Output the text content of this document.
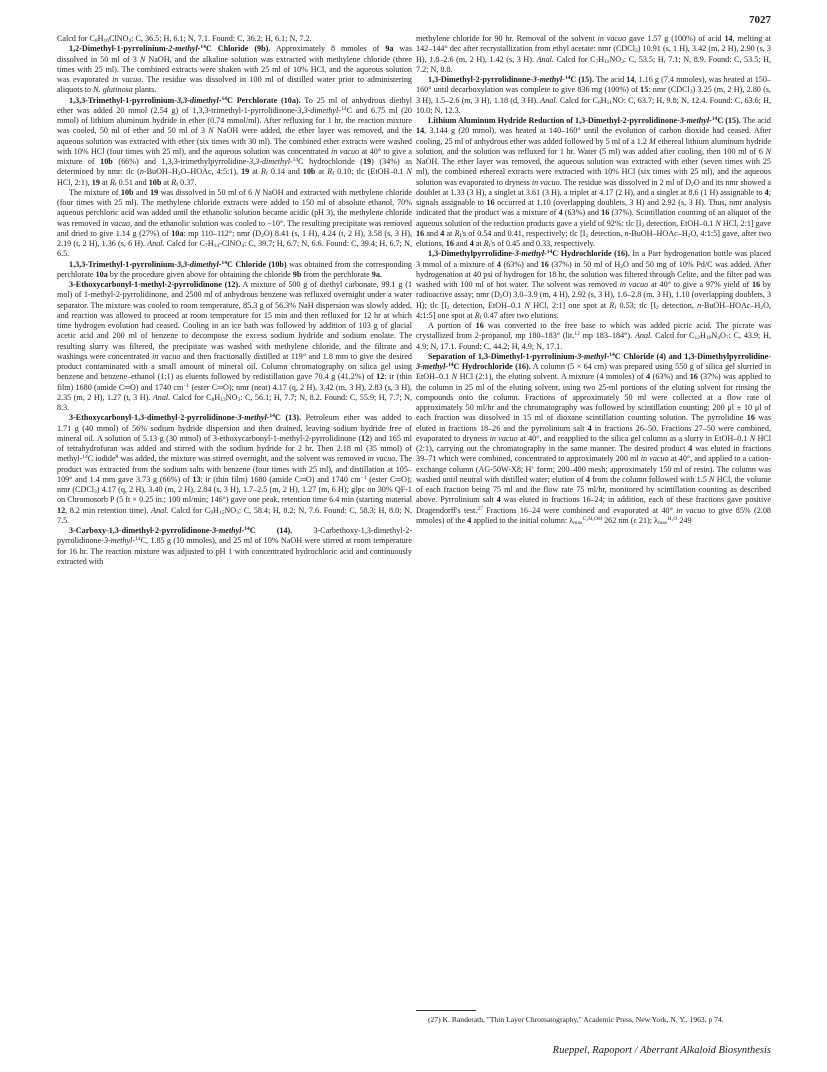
7027

Calcd for $C_8H_{16}ClNO_4$: C, 36.5; H, 6.1; N, 7.1. Found: C, 36.2; H, 6.1; N, 7.2.

1,2-Dimethyl-1-pyrrolinium-2-methyl-$^{14}$C Chloride (9b). Approximately 8 mmoles of 9a was dissolved in 50 ml of 3 N NaOH, and the alkaline solution was extracted with methylene chloride (three times with 25 ml). The combined extracts were shaken with 25 ml of 10% HCl, and the aqueous solution was evaporated in vacuo. The residue was dissolved in 100 ml of distilled water prior to administering aliquots to N. glutinosa plants.

1,3,3-Trimethyl-1-pyrrolinium-3,3-dimethyl-$^{14}$C Perchlorate (10a). To 25 ml of anhydrous diethyl ether was added 20 mmol (2.54 g) of 1,3,3-trimethyl-1-pyrrolidinone-3,3-dimethyl-$^{14}$C and 6.75 ml (20 mmol) of lithium aluminum hydride in ether (0.74 mmol/ml). After refluxing for 1 hr, the reaction mixture was cooled, 50 ml of ether and 50 ml of 3 N NaOH were added, the ether layer was removed, and the aqueous solution was extracted with ether (six times with 30 ml). The combined ether extracts were washed with 10% HCl (four times with 25 ml), and the aqueous solution was concentrated in vacuo at 40° to give a mixture of 10b (66%) and 1,3,3-trimethylpyrrolidine-3,3-dimethyl-$^{14}$C hydrochloride (19) (34%) as determined by nmr: tlc ($n-BuOH-H_2O$–HOAc, 4:5:1), 19 at $R_f$ 0.14 and 10b at $R_f$ 0.10; tlc (EtOH–0.1 N HCl, 2:1), 19 at $R_f$ 0.51 and 10b at $R_f$ 0.37.

The mixture of 10b and 19 was dissolved in 50 ml of 6 N NaOH and extracted with methylene chloride (four times with 25 ml). The methylene chloride extracts were added to 150 ml of absolute ethanol, 70% aqueous perchloric acid was added until the ethanolic solution became acidic (pH 3), the methylene chloride was removed in vacuo, and the ethanolic solution was cooled to −10°. The resulting precipitate was removed and dried to give 1.14 g (27%) of 10a: mp 110–112°; nmr $(D_2O)$ 8.41 (s, 1 H), 4.24 (t, 2 H), 3.58 (s, 3 H), 2.19 (t, 2 H), 1.36 (s, 6 H). Anal. Calcd for $C_7H_{14}-ClNO_4$: C, 39.7; H, 6.7; N, 6.6. Found: C, 39.4; H, 6.7; N, 6.5.

1,3,3-Trimethyl-1-pyrrolinium-3,3-dimethyl-$^{14}$C Chloride (10b) was obtained from the corresponding perchlorate 10a by the procedure given above for obtaining the chloride 9b from the perchlorate 9a.

3-Ethoxycarbonyl-1-methyl-2-pyrrolidinone (12). A mixture of 500 g of diethyl carbonate, 99.1 g (1 mol) of 1-methyl-2-pyrrolidinone, and 2500 ml of anhydrous benzene was refluxed overnight under a water separator. The mixture was cooled to room temperature, 85.3 g of 56.3% NaH dispersion was slowly added, and reaction was allowed to proceed at room temperature for 15 min and then refluxed for 12 hr at which time hydrogen evolution had ceased. Cooling in an ice bath was followed by addition of 103 g of glacial acetic acid and 200 ml of benzene to decompose the excess sodium hydride and sodium enolate. The resulting slurry was filtered, the precipitate was washed with methylene chloride, and the filtrate and washings were concentrated in vacuo and then fractionally distilled at 119° and 1.8 mm to give the desired product contaminated with a small amount of mineral oil. Column chromatography on silica gel using benzene and benzene–ethanol (1:1) as eluents followed by redistillation gave 70.4 g (41.2%) of 12: ir (thin film) 1680 (amide C═O) and 1740 $cm^{-1}$ (ester C═O); nmr (neat) 4.17 (q, 2 H), 3.42 (m, 3 H), 2.83 (s, 3 H), 2.35 (m, 2 H), 1.27 (t, 3 H). Anal. Calcd for $C_8H_{13}NO_3$: C, 56.1; H, 7.7; N, 8.2. Found: C, 55.9; H, 7.7; N, 8.3.

3-Ethoxycarbonyl-1,3-dimethyl-2-pyrrolidinone-3-methyl-$^{14}$C (13). Petroleum ether was added to 1.71 g (40 mmol) of 56% sodium hydride dispersion and then drained, leaving sodium hydride free of mineral oil. A solution of 5.13 g (30 mmol) of 3-ethoxycarbonyl-1-methyl-2-pyrrolidinone (12) and 165 ml of tetrahydrofuran was added and stirred with the sodium hydride for 2 hr. Then 2.18 ml (35 mmol) of methyl-$^{14}$C iodide$^8$ was added, the mixture was stirred overnight, and the solvent was removed in vacuo. The product was extracted from the sodium salts with benzene (four times with 25 ml), and distillation at 105–109° and 1.4 mm gave 3.73 g (66%) of 13: ir (thin film) 1680 (amide C═O) and 1740 $cm^{-1}$ (ester C═O); nmr (CDCl$_3$) 4.17 (q, 2 H), 3.40 (m, 2 H), 2.84 (s, 3 H), 1.7–2.5 (m, 2 H), 1.27 (m, 6 H); glpc on 30% QF-1 on Chromosorb P (5 ft × 0.25 in.; 100 ml/min; 146°) gave one peak, retention time 6.4 min (starting material 12, 8.2 min retention time). Anal. Calcd for $C_9H_{15}NO_3$: C, 58.4; H, 8.2; N, 7.6. Found: C, 58.3; H, 8.0; N, 7.5.

3-Carboxy-1,3-dimethyl-2-pyrrolidinone-3-methyl-$^{14}$C (14). 3-Carbethoxy-1,3-dimethyl-2-pyrrolidinone-3-methyl-$^{14}$C, 1.85 g (10 mmoles), and 25 ml of 10% NaOH were stirred at room temperature for 16 hr. The reaction mixture was adjusted to pH 1 with concentrated hydrochloric acid and continuously extracted with

methylene chloride for 90 hr. Removal of the solvent in vacuo gave 1.57 g (100%) of acid 14, melting at 142–144° dec after recrystallization from ethyl acetate: nmr (CDCl$_3$) 10.91 (s, 1 H), 3.42 (m, 2 H), 2.90 (s, 3 H), 1.8–2.6 (m, 2 H), 1.42 (s, 3 H). Anal. Calcd for $C_7H_{11}NO_3$: C, 53.5; H, 7.1; N, 8.9. Found: C, 53.5; H, 7.2; N, 8.8.

1,3-Dimethyl-2-pyrrolidinone-3-methyl-$^{14}$C (15). The acid 14, 1.16 g (7.4 mmoles), was heated at 150–160° until decarboxylation was complete to give 836 mg (100%) of 15: nmr (CDCl$_3$) 3.25 (m, 2 H), 2.80 (s, 3 H), 1.5–2.6 (m, 3 H), 1.18 (d, 3 H). Anal. Calcd for $C_6H_{11}NO$: C, 63.7; H, 9.8; N, 12.4. Found: C, 63.6; H, 10.0; N, 12.3.

Lithium Aluminum Hydride Reduction of 1,3-Dimethyl-2-pyrrolidinone-3-methyl-$^{14}$C (15). The acid 14, 3.144 g (20 mmol), was heated at 140–160° until the evolution of carbon dioxide had ceased. After cooling, 25 ml of anhydrous ether was added followed by 5 ml of a 1.2 M ethereal lithium aluminum hydride solution, and the solution was refluxed for 1 hr. Water (5 ml) was added after cooling, then 100 ml of 6 N NaOH. The ether layer was removed, the aqueous solution was extracted with ether (seven times with 25 ml), the combined ethereal extracts were extracted with 10% HCl (six times with 25 ml), and the aqueous solution was evaporated to dryness in vacuo. The residue was dissolved in 2 ml of $D_2O$ and its nmr showed a doublet at 1.33 (3 H), a singlet at 3.61 (3 H), a triplet at 4.17 (2 H), and a singlet at 8.6 (1 H) assignable to 4; signals assignable to 16 occurred at 1.10 (overlapping doublets, 3 H) and 2.92 (s, 3 H). Thus, nmr analysis indicated that the product was a mixture of 4 (63%) and 16 (37%). Scintillation counting of an aliquot of the aqueous solution of the reduction products gave a yield of 92%: tlc [$I_2$ detection, EtOH–0.1 N HCl, 2:1] gave 16 and 4 at $R_f's$ of 0.54 and 0.41, respectively; tlc [$I_2$ detection, $n-BuOH-HOAc-H_2O$, 4:1:5] gave, after two elutions, 16 and 4 at $R_f's$ of 0.45 and 0.33, respectively.

1,3-Dimethylpyrrolidine-3-methyl-$^{14}$C Hydrochloride (16). In a Parr hydrogenation bottle was placed 3 mmol of a mixture of 4 (63%) and 16 (37%) in 50 ml of $H_2O$ and 50 mg of 10% Pd/C was added. After hydrogenation at 40 psi of hydrogen for 18 hr, the solution was filtered through Celite, and the filter pad was washed with 100 ml of hot water. The solvent was removed in vacuo at 40° to give a 97% yield of 16 by radioactive assay; nmr $(D_2O)$ 3.0–3.9 (m, 4 H), 2.92 (s, 3 H), 1.6–2.8 (m, 3 H), 1.10 (overlapping doublets, 3 H); tlc [$I_2$ detection, EtOH–0.1 N HCl, 2:1] one spot at $R_f$ 0.53; tlc [$I_2$ detection, $n-BuOH-HOAc-H_2O$, 4:1:5] one spot at $R_f$ 0.47 after two elutions.

A portion of 16 was converted to the free base to which was added picric acid. The picrate was crystallized from 2-propanol, mp 180–183° (lit.$^{12}$ mp 183–184°). Anal. Calcd for $C_{12}H_{16}N_4O_7$: C, 43.9; H, 4.9; N, 17.1. Found: C, 44.2; H, 4.9; N, 17.1.

Separation of 1,3-Dimethyl-1-pyrrolinium-3-methyl-$^{14}$C Chloride (4) and 1,3-Dimethylpyrrolidine-3-methyl-$^{14}$C Hydrochloride (16). A column (5 × 64 cm) was prepared using 550 g of silica gel slurried in EtOH–0.1 N HCl (2:1), the eluting solvent. A mixture (4 mmoles) of 4 (63%) and 16 (37%) was applied to the column in 25 ml of the eluting solvent, using two 25-ml portions of the eluting solvent for rinsing the compounds onto the column. Fractions of approximately 50 ml were collected at a flow rate of approximately 50 ml/hr and the chromatography was followed by scintillation counting; 200 μl ± 10 μl of each fraction was dissolved in 15 ml of dioxane scintillation counting solution. The pyrrolidine 16 was eluted in fractions 18–26 and the pyrrolinium salt 4 in fractions 26–50. Fractions 27–50 were combined, evaporated to dryness in vacuo at 40°, and reapplied to the silica gel column as a slurry in EtOH–0.1 N HCl (2:1), carrying out the chromatography in the same manner. The desired product 4 was eluted in fractions 39–71 which were combined, concentrated to approximately 200 ml in vacuo at 40°, and applied to a cation-exchange column (AG-50W-X8; H+ form; 200–400 mesh; approximately 150 ml of resin). The column was washed until neutral with distilled water; elution of 4 from the column followed with 1.5 N HCl, the volume of each fraction being 75 ml and the flow rate 75 ml/hr, monitored by scintillation counting as described above. Pyrrolinium salt 4 was eluted in fractions 16–24; in addition, each of these fractions gave positive Dragendorff's test.$^{27}$ Fractions 16–24 were combined and evaporated at 40° in vacuo to give 85% (2.08 mmoles) of the 4 applied to the initial column: $\lambda_{max}^{C_2H_5OH}$ 262 nm (ε 21); $\lambda_{max}^{H_2O}$ 249

(27) K. Randerath, "Thin Layer Chromatography," Academic Press, New York, N. Y., 1963, p 74.

Rueppel, Rapoport / Aberrant Alkaloid Biosynthesis
